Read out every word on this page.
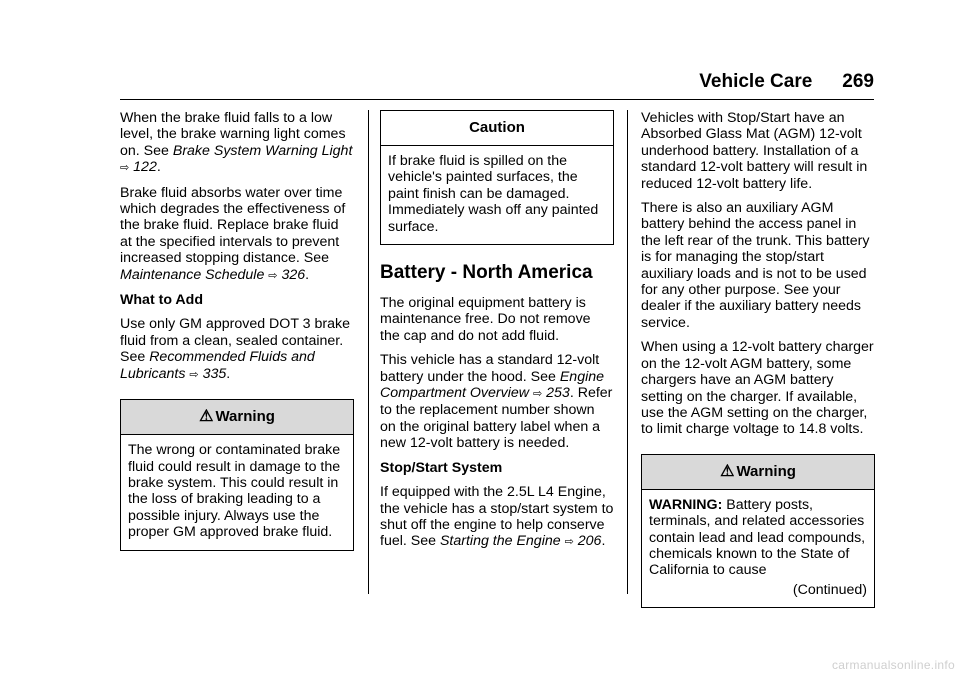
Vehicle Care 269

When the brake fluid falls to a low level, the brake warning light comes on. See Brake System Warning Light ⇨ 122.

Brake fluid absorbs water over time which degrades the effectiveness of the brake fluid. Replace brake fluid at the specified intervals to prevent increased stopping distance. See Maintenance Schedule ⇨ 326.

What to Add

Use only GM approved DOT 3 brake fluid from a clean, sealed container. See Recommended Fluids and Lubricants ⇨ 335.

⚠ Warning

The wrong or contaminated brake fluid could result in damage to the brake system. This could result in the loss of braking leading to a possible injury. Always use the proper GM approved brake fluid.

Caution

If brake fluid is spilled on the vehicle's painted surfaces, the paint finish can be damaged. Immediately wash off any painted surface.

Battery - North America

The original equipment battery is maintenance free. Do not remove the cap and do not add fluid.

This vehicle has a standard 12-volt battery under the hood. See Engine Compartment Overview ⇨ 253. Refer to the replacement number shown on the original battery label when a new 12-volt battery is needed.

Stop/Start System

If equipped with the 2.5L L4 Engine, the vehicle has a stop/start system to shut off the engine to help conserve fuel. See Starting the Engine ⇨ 206.

Vehicles with Stop/Start have an Absorbed Glass Mat (AGM) 12-volt underhood battery. Installation of a standard 12-volt battery will result in reduced 12-volt battery life.

There is also an auxiliary AGM battery behind the access panel in the left rear of the trunk. This battery is for managing the stop/start auxiliary loads and is not to be used for any other purpose. See your dealer if the auxiliary battery needs service.

When using a 12-volt battery charger on the 12-volt AGM battery, some chargers have an AGM battery setting on the charger. If available, use the AGM setting on the charger, to limit charge voltage to 14.8 volts.

⚠ Warning

WARNING: Battery posts, terminals, and related accessories contain lead and lead compounds, chemicals known to the State of California to cause

(Continued)

carmanualsonline.info
